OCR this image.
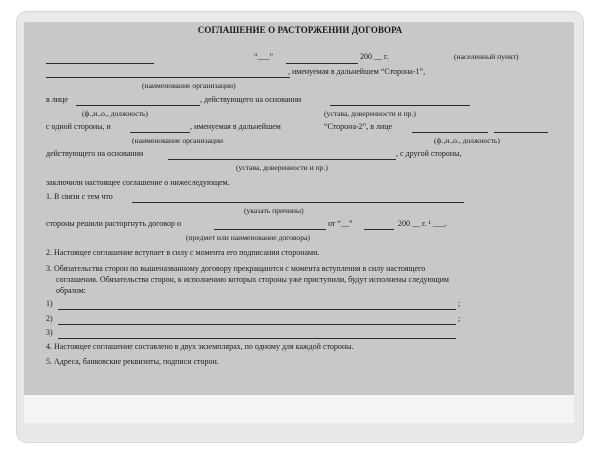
СОГЛАШЕНИЕ О РАСТОРЖЕНИИ ДОГОВОРА
“___”	200 __ г.	(населенный пункт)
, именуемая в дальнейшем “Сторона-1”,
(наименование организации)
в лице	, действующего на основании
(ф.,и.,о., должность)	(устава, доверенности и пр.)
с одной стороны, и	, именуемая в дальнейшем	“Сторона-2”, в лице
(наименование организации	(ф.,и.,о., должность)
действующего на основании	, с другой стороны,
(устава, доверенности и пр.)
заключили настоящее соглашение о нижеследующем.
1. В связи с тем что
(указать причины)
стороны решили расторгнуть договор о	от “__”	200 __ г. ¹ ___.
(предмет или наименование договора)
2. Настоящее соглашение вступает в силу с момента его подписания сторонами.
3. Обязательства сторон по вышеназванному договору прекращаются с момента вступления в силу настоящего
соглашения. Обязательства сторон, к исполнению которых стороны уже приступили, будут исполнены следующим
образом:
1)	;
2)	;
3)
4. Настоящее соглашение составлено в двух экземплярах, по одному для каждой стороны.
5. Адреса, банковские реквизиты, подписи сторон.
